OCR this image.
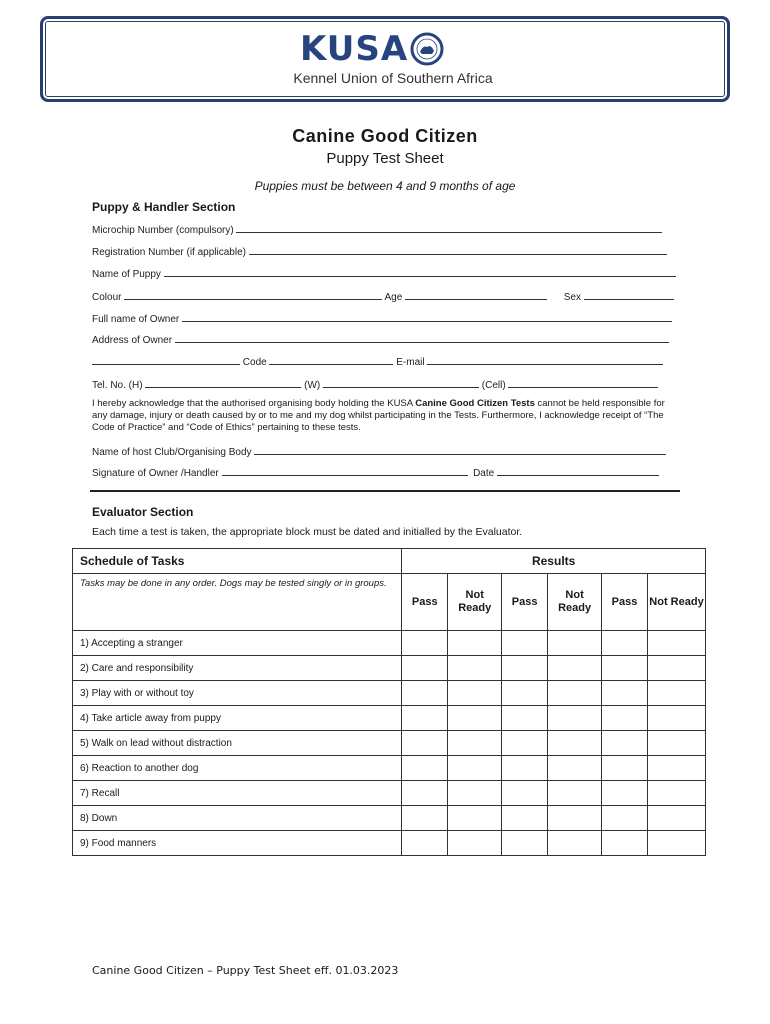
KUSA
Kennel Union of Southern Africa
Canine Good Citizen
Puppy Test Sheet
Puppies must be between 4 and 9 months of age
Puppy & Handler Section
Microchip Number (compulsory)
Registration Number (if applicable)
Name of Puppy
Colour	Age	Sex
Full name of Owner
Address of Owner
Code	E-mail
Tel. No. (H)	(W)	(Cell)
I hereby acknowledge that the authorised organising body holding the KUSA Canine Good Citizen Tests cannot be held responsible for any damage, injury or death caused by or to me and my dog whilst participating in the Tests. Furthermore, I acknowledge receipt of “The Code of Practice” and “Code of Ethics” pertaining to these tests.
Name of host Club/Organising Body
Signature of Owner /Handler	Date
Evaluator Section
Each time a test is taken, the appropriate block must be dated and initialled by the Evaluator.
Schedule of Tasks	Results					
Tasks may be done in any order. Dogs may be tested singly or in groups.	Pass	Not Ready	Pass	Not Ready	Pass	Not Ready
1) Accepting a stranger						
2) Care and responsibility						
3) Play with or without toy						
4) Take article away from puppy						
5) Walk on lead without distraction						
6) Reaction to another dog						
7) Recall						
8) Down						
9) Food manners						
Canine Good Citizen – Puppy Test Sheet eff. 01.03.2023
